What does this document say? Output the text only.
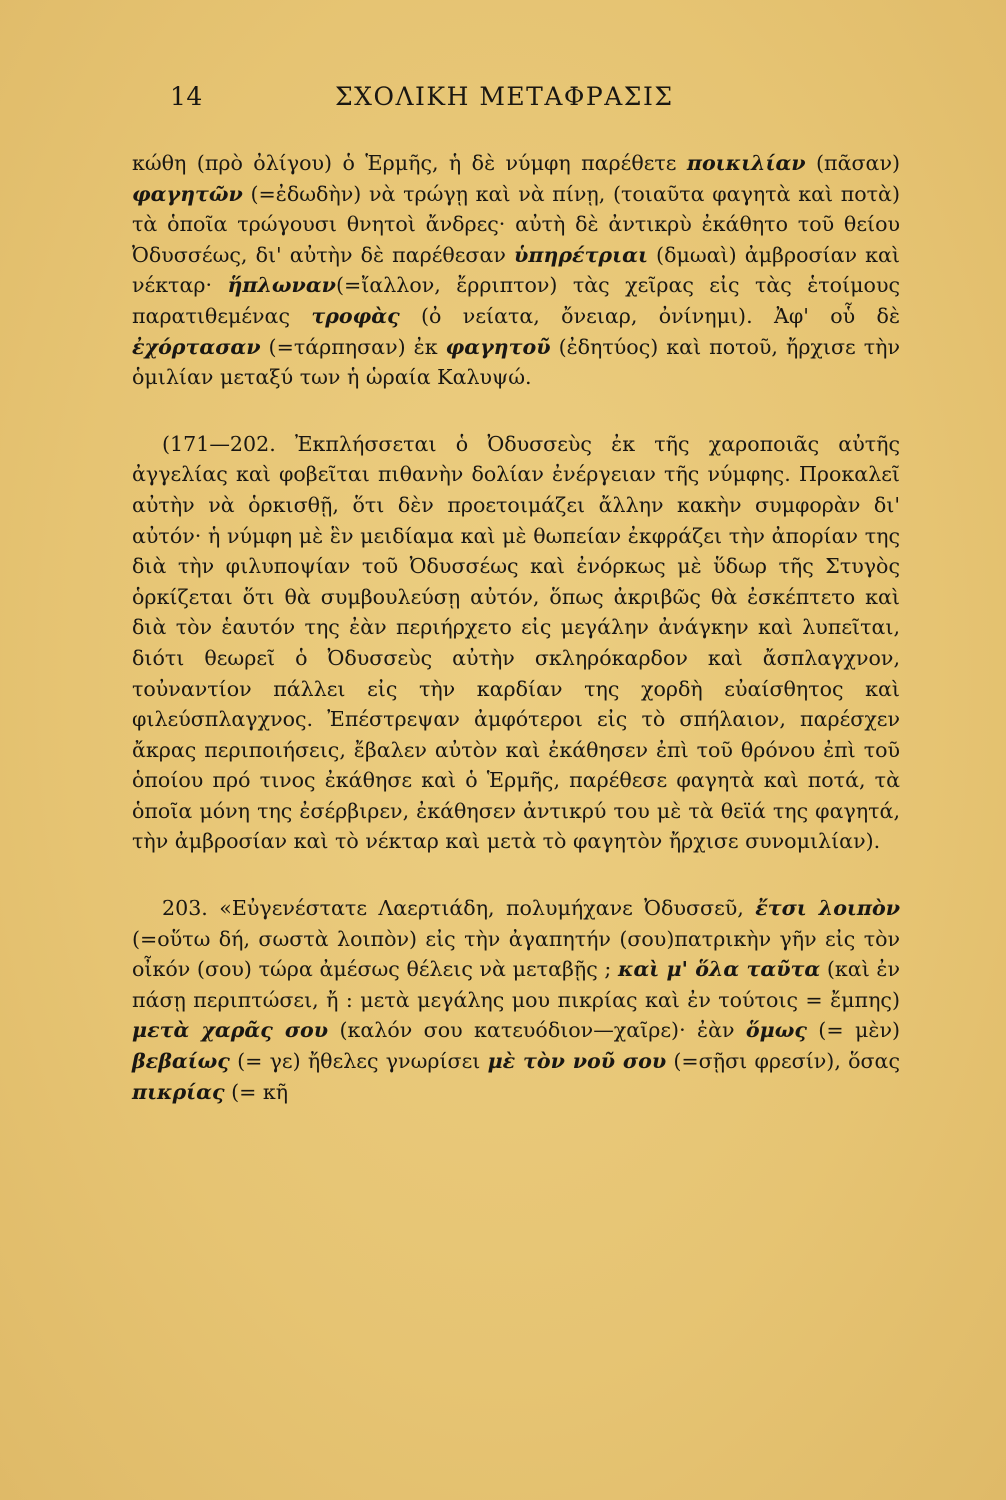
14	ΣΧΟΛΙΚΗ ΜΕΤΑΦΡΑΣΙΣ

κώθη (πρὸ ὀλίγου) ὁ Ἑρμῆς, ἡ δὲ νύμφη παρέθετε ποικιλίαν (πᾶσαν) φαγητῶν (=ἐδωδὴν) νὰ τρώγῃ καὶ νὰ πίνῃ, (τοιαῦτα φαγητὰ καὶ ποτὰ) τὰ ὁποῖα τρώγουσι θνητοὶ ἄνδρες· αὐτὴ δὲ ἀντικρὺ ἐκάθητο τοῦ θείου Ὀδυσσέως, δι' αὐτὴν δὲ παρέθεσαν ὑπηρέτριαι (δμωαὶ) ἀμβροσίαν καὶ νέκταρ· ἥπλωναν(=ἴαλλον, ἔρριπτον) τὰς χεῖρας εἰς τὰς ἑτοίμους παρατιθεμένας τροφὰς (ὀ νείατα, ὄνειαρ, ὀνίνημι). Ἀφ' οὗ δὲ ἐχόρτασαν (=τάρπησαν) ἐκ φαγητοῦ (ἐδητύος) καὶ ποτοῦ, ἤρχισε τὴν ὁμιλίαν μεταξύ των ἡ ὡραία Καλυψώ.

(171—202. Ἐκπλήσσεται ὁ Ὀδυσσεὺς ἐκ τῆς χαροποιᾶς αὐτῆς ἀγγελίας καὶ φοβεῖται πιθανὴν δολίαν ἐνέργειαν τῆς νύμφης. Προκαλεῖ αὐτὴν νὰ ὁρκισθῇ, ὅτι δὲν προετοιμάζει ἄλλην κακὴν συμφορὰν δι' αὐτόν· ἡ νύμφη μὲ ἓν μειδίαμα καὶ μὲ θωπείαν ἐκφράζει τὴν ἀπορίαν της διὰ τὴν φιλυποψίαν τοῦ Ὀδυσσέως καὶ ἐνόρκως μὲ ὕδωρ τῆς Στυγὸς ὁρκίζεται ὅτι θὰ συμβουλεύσῃ αὐτόν, ὅπως ἀκριβῶς θὰ ἐσκέπτετο καὶ διὰ τὸν ἑαυτόν της ἐὰν περιήρχετο εἰς μεγάλην ἀνάγκην καὶ λυπεῖται, διότι θεωρεῖ ὁ Ὀδυσσεὺς αὐτὴν σκληρόκαρδον καὶ ἄσπλαγχνον, τοὐναντίον πάλλει εἰς τὴν καρδίαν της χορδὴ εὐαίσθητος καὶ φιλεύσπλαγχνος. Ἐπέστρεψαν ἀμφότεροι εἰς τὸ σπήλαιον, παρέσχεν ἄκρας περιποιήσεις, ἔβαλεν αὐτὸν καὶ ἐκάθησεν ἐπὶ τοῦ θρόνου ἐπὶ τοῦ ὁποίου πρό τινος ἐκάθησε καὶ ὁ Ἑρμῆς, παρέθεσε φαγητὰ καὶ ποτά, τὰ ὁποῖα μόνη της ἐσέρβιρεν, ἐκάθησεν ἀντικρύ του μὲ τὰ θεϊά της φαγητά, τὴν ἀμβροσίαν καὶ τὸ νέκταρ καὶ μετὰ τὸ φαγητὸν ἤρχισε συνομιλίαν).

203. «Εὐγενέστατε Λαερτιάδη, πολυμήχανε Ὀδυσσεῦ, ἔτσι λοιπὸν (=οὕτω δή, σωστὰ λοιπὸν) εἰς τὴν ἀγαπητήν (σου)πατρικὴν γῆν εἰς τὸν οἶκόν (σου) τώρα ἀμέσως θέλεις νὰ μεταβῇς ; καὶ μ' ὅλα ταῦτα (καὶ ἐν πάσῃ περιπτώσει, ἤ : μετὰ μεγάλης μου πικρίας καὶ ἐν τούτοις = ἔμπης) μετὰ χαρᾶς σου (καλόν σου κατευόδιον—χαῖρε)· ἐὰν ὅμως (= μὲν) βεβαίως (= γε) ἤθελες γνωρίσει μὲ τὸν νοῦ σου (=σῇσι φρεσίν), ὅσας πικρίας (= κῆ
